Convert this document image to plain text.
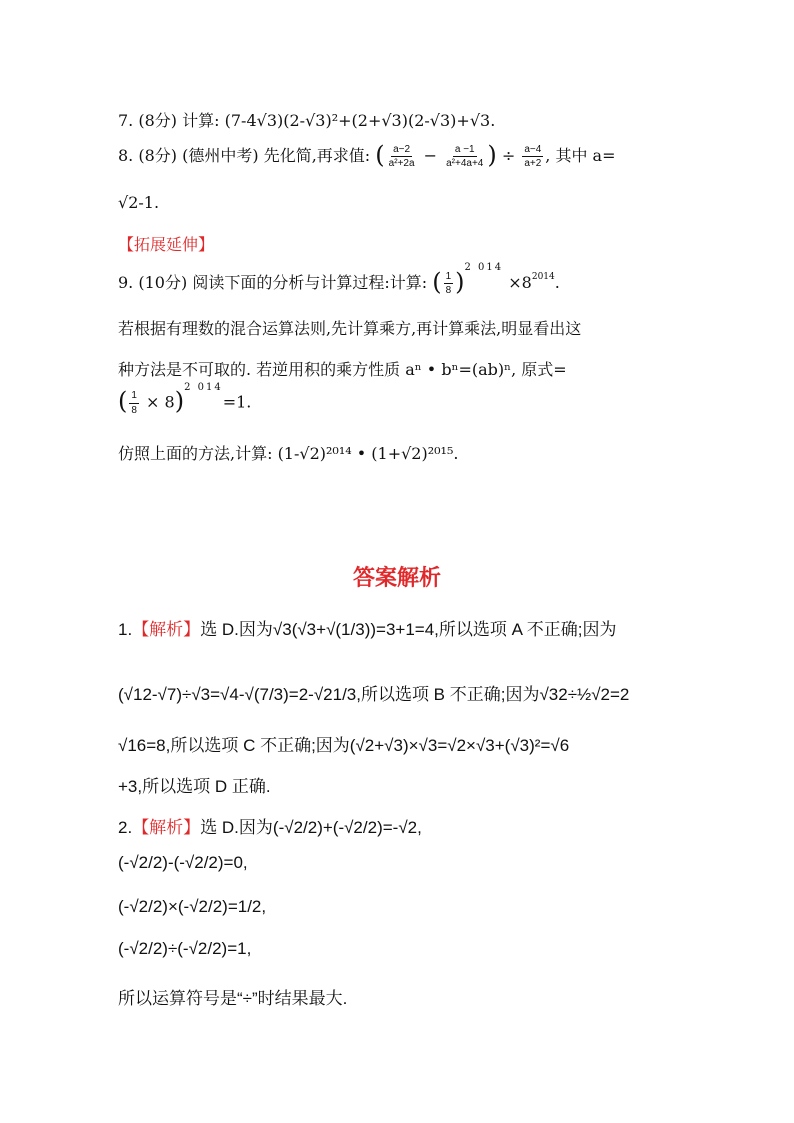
7. (8分) 计算: (7-4√3)(2-√3)²+(2+√3)(2-√3)+√3.
8. (8分) (德州中考) 先化简,再求值: ( $\frac{a-2}{\text{a²+2a}} - \frac{a -1}{\text{a²+4a+4}}$ ) ÷ $\frac{a-4}{a+2}$ , 其中 a=
√2-1.
【拓展延伸】
9. (10分) 阅读下面的分析与计算过程:计算: ( $\frac{1}{8} )^{2 014} \times 8^{2014}$.
若根据有理数的混合运算法则,先计算乘方,再计算乘法,明显看出这
种方法是不可取的. 若逆用积的乘方性质 aⁿ • bⁿ=(ab)ⁿ, 原式=
( $\frac{1}{8} \times 8)^{2 014}=1$.
仿照上面的方法,计算: (1-√2)²⁰¹⁴ • (1+√2)²⁰¹⁵.
答案解析
1.【解析】选 D.因为√3(√3+√(1/3))=3+1=4,所以选项 A 不正确;因为
(√12-√7)÷√3=√4-√(7/3)=2-√21/3,所以选项 B 不正确;因为√32÷½√2=2
√16=8,所以选项 C 不正确;因为(√2+√3)×√3=√2×√3+(√3)²=√6
+3,所以选项 D 正确.
2.【解析】选 D.因为(-√2/2)+(-√2/2)=-√2,
(-√2/2)-(-√2/2)=0,
(-√2/2)×(-√2/2)=1/2,
(-√2/2)÷(-√2/2)=1,
所以运算符号是“÷”时结果最大.
